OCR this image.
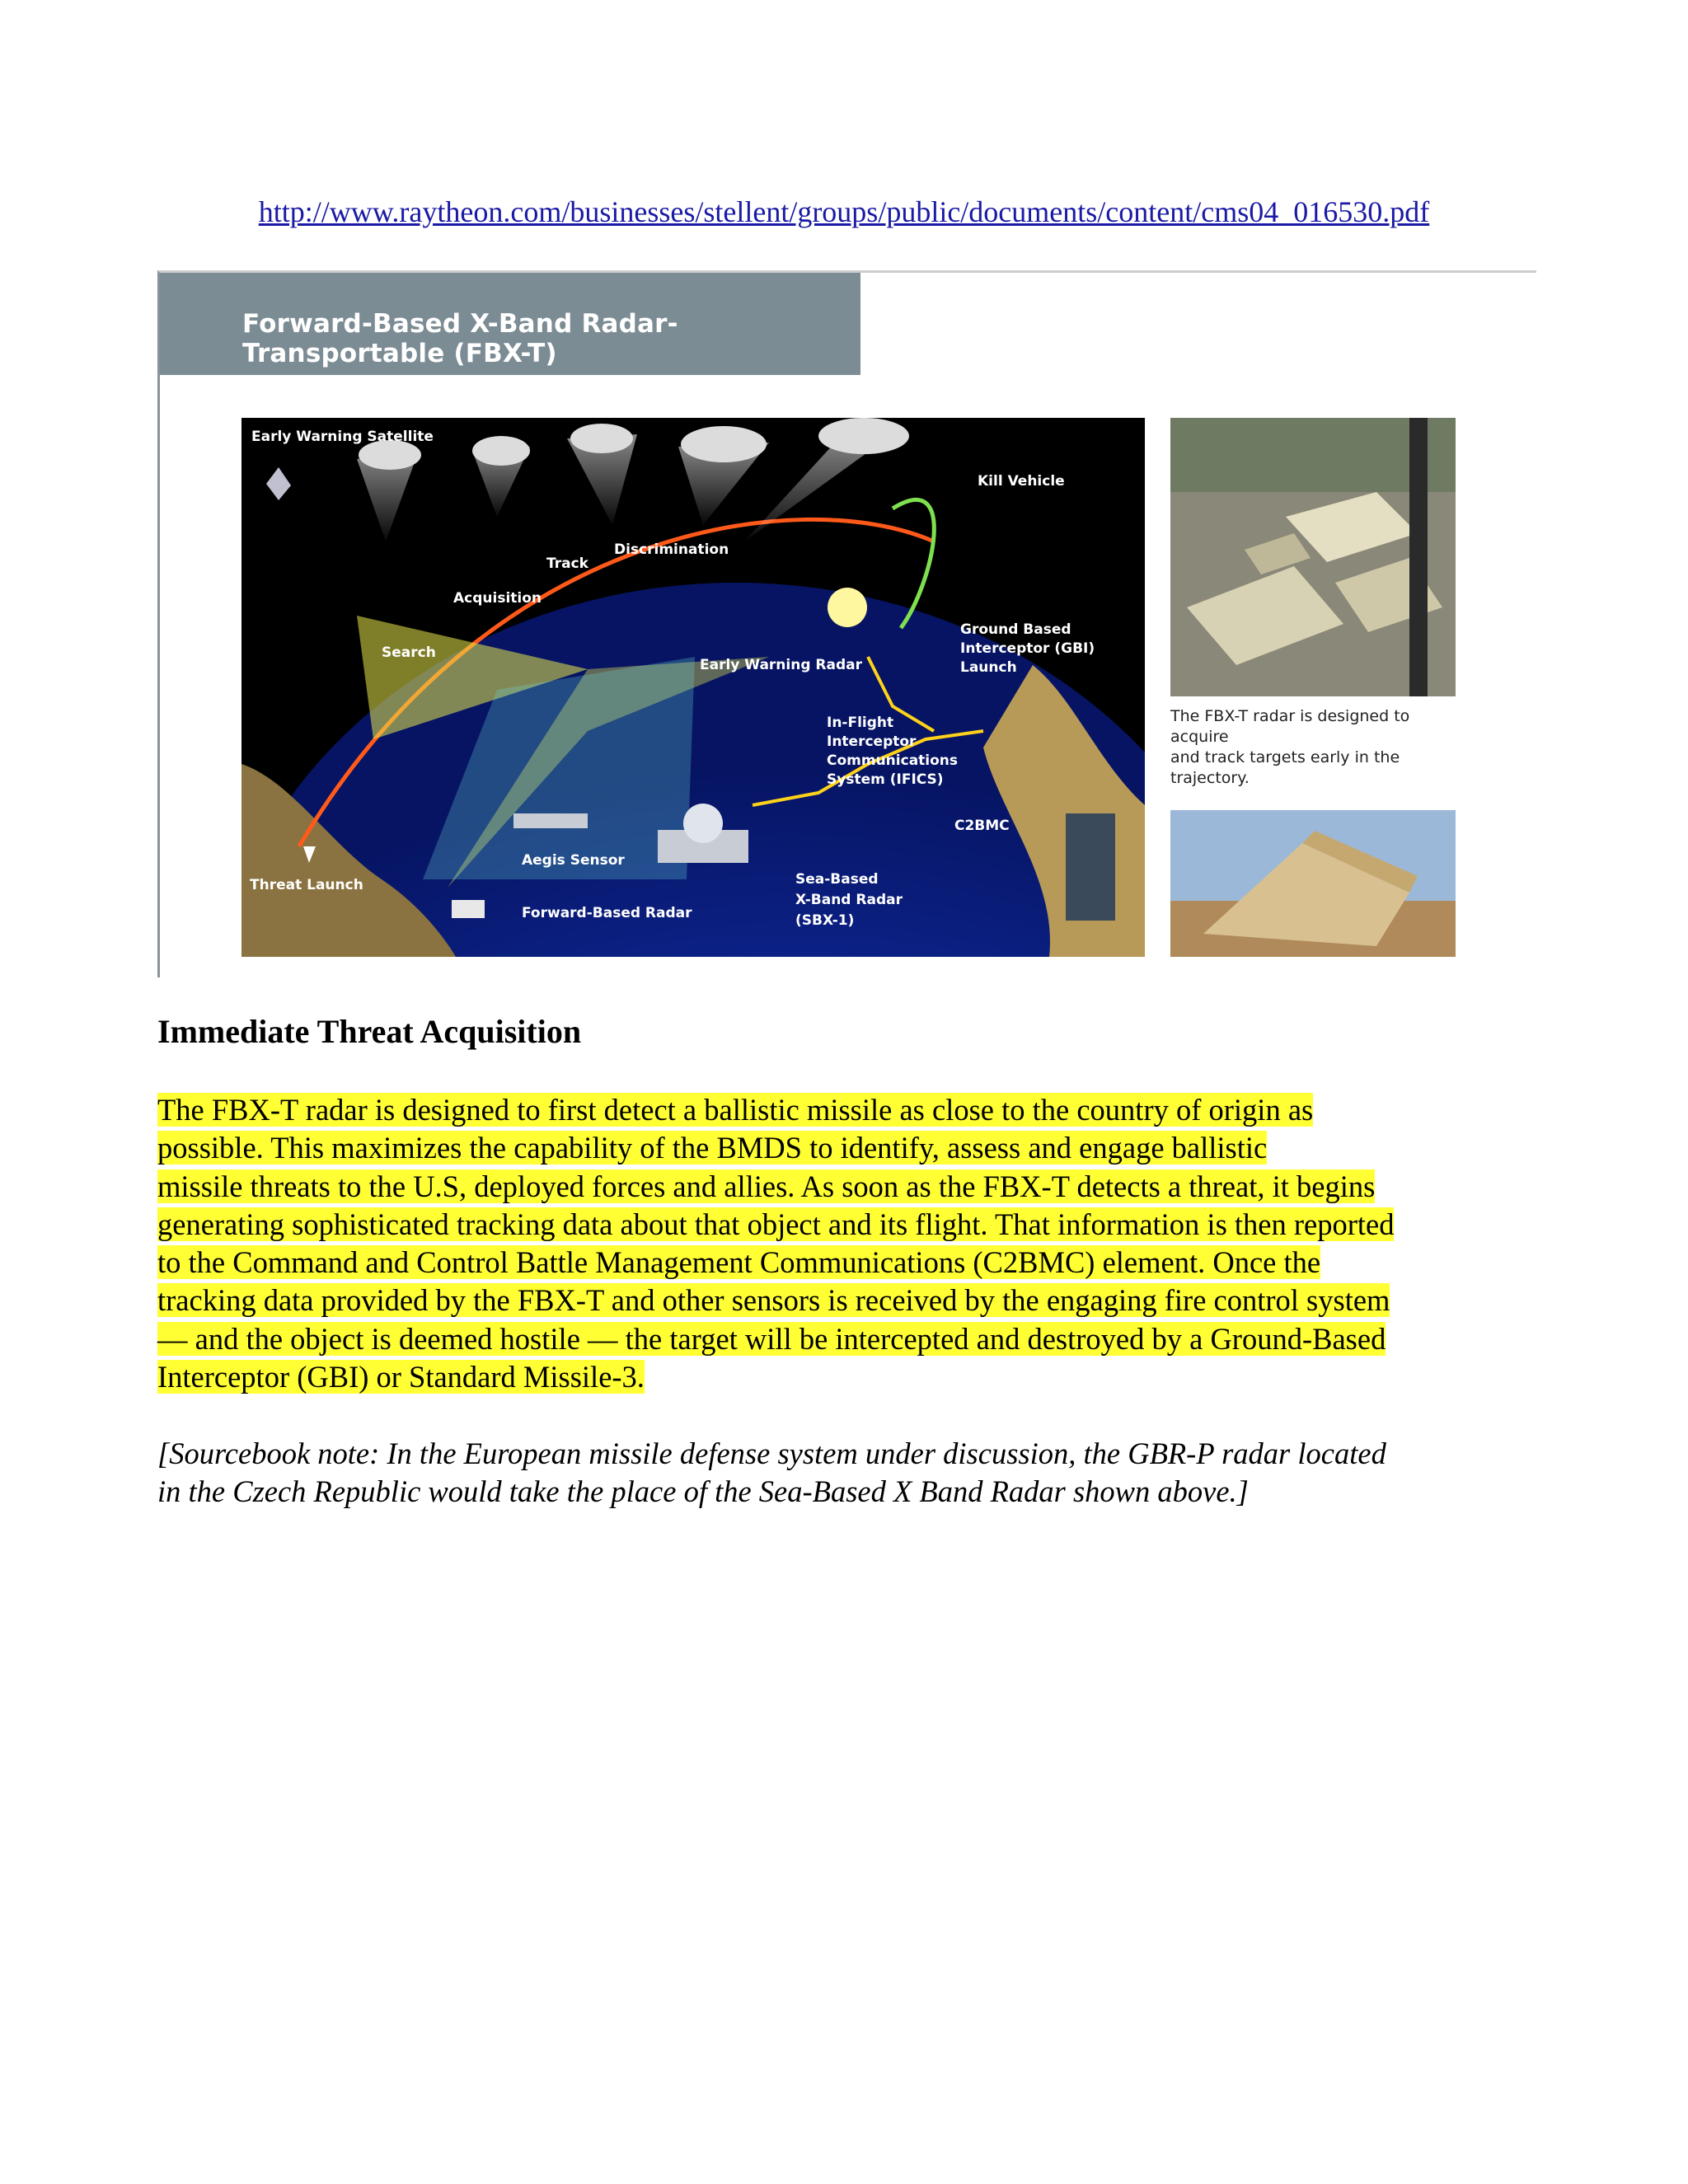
http://www.raytheon.com/businesses/stellent/groups/public/documents/content/cms04_016530.pdf
Forward-Based X-Band Radar-Transportable (FBX-T)
Early Warning Satellite
Kill Vehicle
Discrimination
Track
Acquisition
Search
Early Warning Radar
Ground Based
Interceptor (GBI)
Launch
In-Flight
Interceptor
Communications
System (IFICS)
C2BMC
Aegis Sensor
Threat Launch
Forward-Based Radar
Sea-Based
X-Band Radar
(SBX-1)
The FBX-T radar is designed to acquire
and track targets early in the trajectory.
Immediate Threat Acquisition
The FBX-T radar is designed to first detect a ballistic missile as close to the country of origin as
possible. This maximizes the capability of the BMDS to identify, assess and engage ballistic
missile threats to the U.S, deployed forces and allies. As soon as the FBX-T detects a threat, it begins
generating sophisticated tracking data about that object and its flight. That information is then reported
to the Command and Control Battle Management Communications (C2BMC) element. Once the
tracking data provided by the FBX-T and other sensors is received by the engaging fire control system
— and the object is deemed hostile — the target will be intercepted and destroyed by a Ground-Based
Interceptor (GBI) or Standard Missile-3.
[Sourcebook note: In the European missile defense system under discussion, the GBR-P radar located
in the Czech Republic would take the place of the Sea-Based X Band Radar shown above.]
